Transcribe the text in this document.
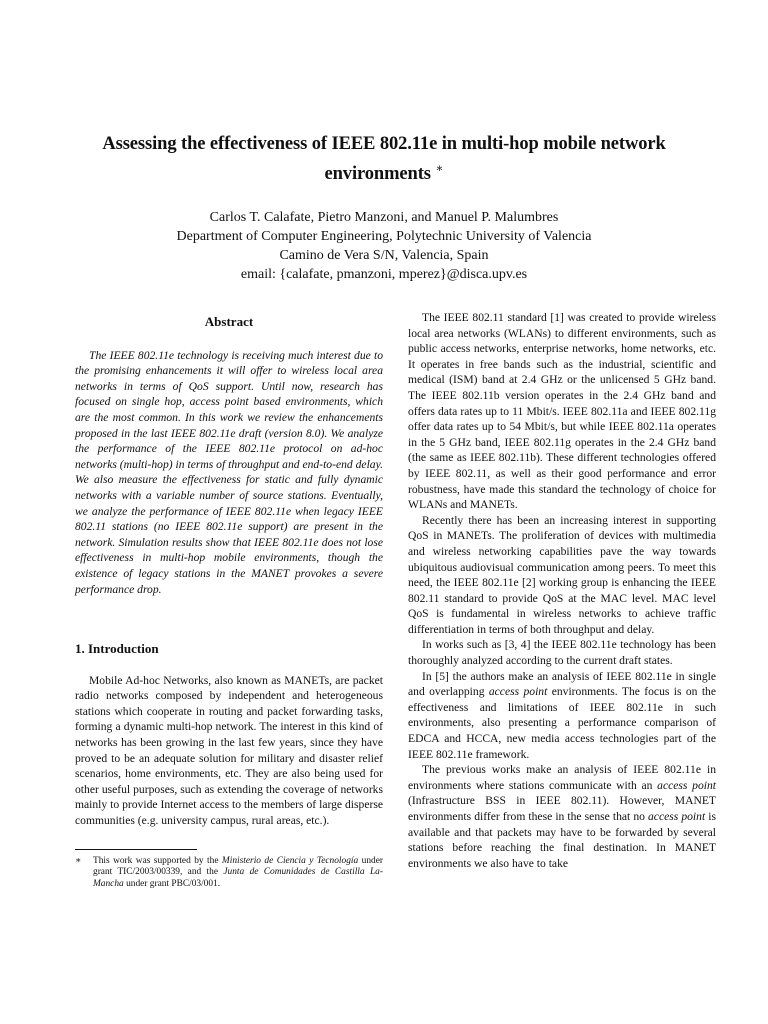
Assessing the effectiveness of IEEE 802.11e in multi-hop mobile network
environments ∗
Carlos T. Calafate, Pietro Manzoni, and Manuel P. Malumbres
Department of Computer Engineering, Polytechnic University of Valencia
Camino de Vera S/N, Valencia, Spain
email: {calafate, pmanzoni, mperez}@disca.upv.es
Abstract

The IEEE 802.11e technology is receiving much interest due to the promising enhancements it will offer to wireless local area networks in terms of QoS support. Until now, research has focused on single hop, access point based environments, which are the most common. In this work we review the enhancements proposed in the last IEEE 802.11e draft (version 8.0). We analyze the performance of the IEEE 802.11e protocol on ad-hoc networks (multi-hop) in terms of throughput and end-to-end delay. We also measure the effectiveness for static and fully dynamic networks with a variable number of source stations. Eventually, we analyze the performance of IEEE 802.11e when legacy IEEE 802.11 stations (no IEEE 802.11e support) are present in the network. Simulation results show that IEEE 802.11e does not lose effectiveness in multi-hop mobile environments, though the existence of legacy stations in the MANET provokes a severe performance drop.

1. Introduction

Mobile Ad-hoc Networks, also known as MANETs, are packet radio networks composed by independent and heterogeneous stations which cooperate in routing and packet forwarding tasks, forming a dynamic multi-hop network. The interest in this kind of networks has been growing in the last few years, since they have proved to be an adequate solution for military and disaster relief scenarios, home environments, etc. They are also being used for other useful purposes, such as extending the coverage of networks mainly to provide Internet access to the members of large disperse communities (e.g. university campus, rural areas, etc.).

∗ This work was supported by the Ministerio de Ciencia y Tecnología under grant TIC/2003/00339, and the Junta de Comunidades de Castilla La-Mancha under grant PBC/03/001.

The IEEE 802.11 standard [1] was created to provide wireless local area networks (WLANs) to different environments, such as public access networks, enterprise networks, home networks, etc. It operates in free bands such as the industrial, scientific and medical (ISM) band at 2.4 GHz or the unlicensed 5 GHz band. The IEEE 802.11b version operates in the 2.4 GHz band and offers data rates up to 11 Mbit/s. IEEE 802.11a and IEEE 802.11g offer data rates up to 54 Mbit/s, but while IEEE 802.11a operates in the 5 GHz band, IEEE 802.11g operates in the 2.4 GHz band (the same as IEEE 802.11b). These different technologies offered by IEEE 802.11, as well as their good performance and error robustness, have made this standard the technology of choice for WLANs and MANETs.

Recently there has been an increasing interest in supporting QoS in MANETs. The proliferation of devices with multimedia and wireless networking capabilities pave the way towards ubiquitous audiovisual communication among peers. To meet this need, the IEEE 802.11e [2] working group is enhancing the IEEE 802.11 standard to provide QoS at the MAC level. MAC level QoS is fundamental in wireless networks to achieve traffic differentiation in terms of both throughput and delay.

In works such as [3, 4] the IEEE 802.11e technology has been thoroughly analyzed according to the current draft states.

In [5] the authors make an analysis of IEEE 802.11e in single and overlapping access point environments. The focus is on the effectiveness and limitations of IEEE 802.11e in such environments, also presenting a performance comparison of EDCA and HCCA, new media access technologies part of the IEEE 802.11e framework.

The previous works make an analysis of IEEE 802.11e in environments where stations communicate with an access point (Infrastructure BSS in IEEE 802.11). However, MANET environments differ from these in the sense that no access point is available and that packets may have to be forwarded by several stations before reaching the final destination. In MANET environments we also have to take
